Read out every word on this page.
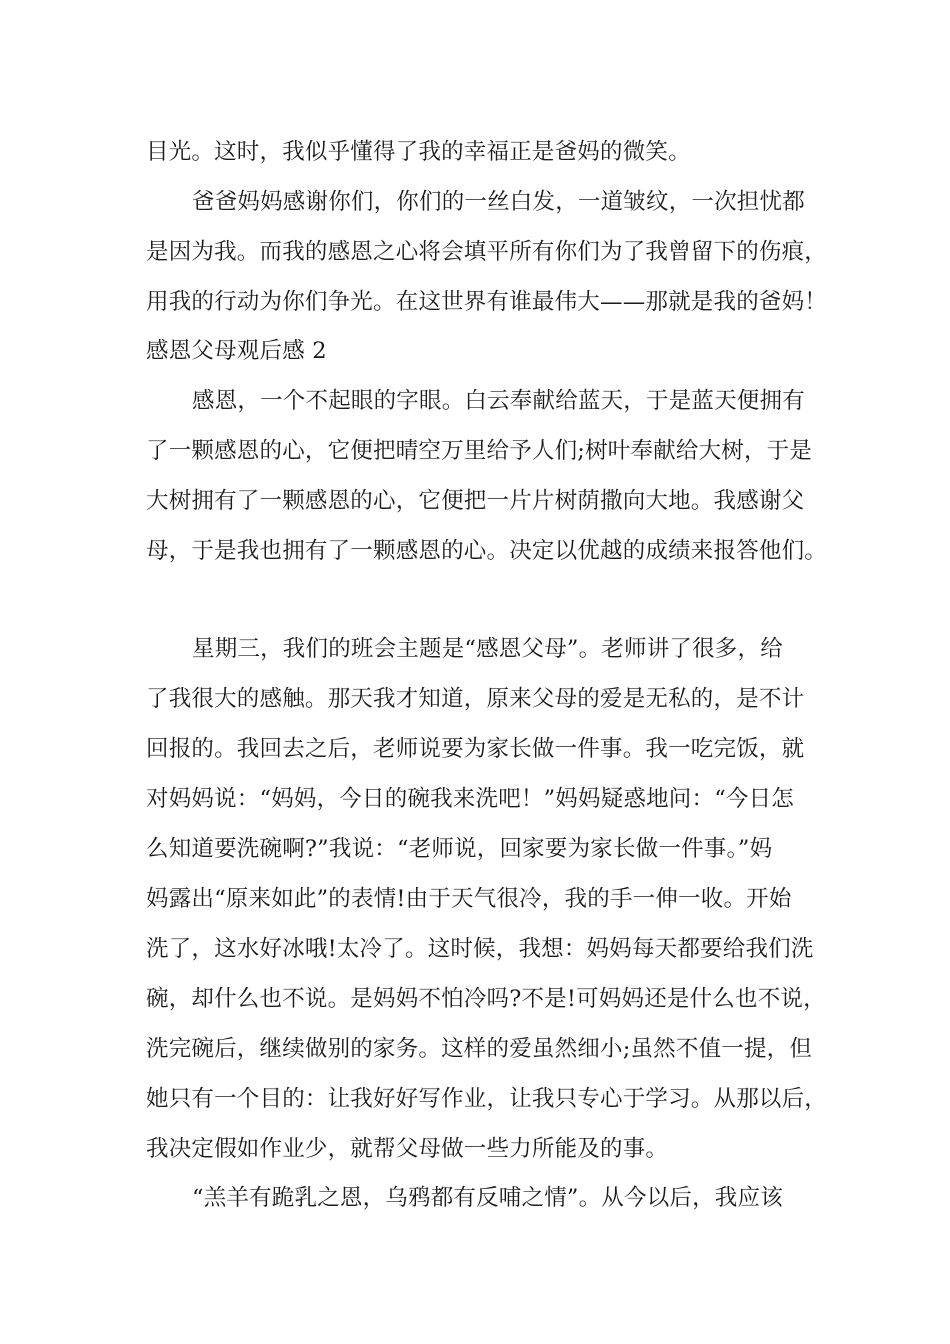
目光。这时，我似乎懂得了我的幸福正是爸妈的微笑。
爸爸妈妈感谢你们，你们的一丝白发，一道皱纹，一次担忧都
是因为我。而我的感恩之心将会填平所有你们为了我曾留下的伤痕，
用我的行动为你们争光。在这世界有谁最伟大——那就是我的爸妈！
感恩父母观后感 2
感恩，一个不起眼的字眼。白云奉献给蓝天，于是蓝天便拥有
了一颗感恩的心，它便把晴空万里给予人们;树叶奉献给大树，于是
大树拥有了一颗感恩的心，它便把一片片树荫撒向大地。我感谢父
母，于是我也拥有了一颗感恩的心。决定以优越的成绩来报答他们。
星期三，我们的班会主题是“感恩父母”。老师讲了很多，给
了我很大的感触。那天我才知道，原来父母的爱是无私的，是不计
回报的。我回去之后，老师说要为家长做一件事。我一吃完饭，就
对妈妈说：“妈妈，今日的碗我来洗吧！”妈妈疑惑地问：“今日怎
么知道要洗碗啊?”我说：“老师说，回家要为家长做一件事。”妈
妈露出“原来如此”的表情!由于天气很冷，我的手一伸一收。开始
洗了，这水好冰哦!太冷了。这时候，我想：妈妈每天都要给我们洗
碗，却什么也不说。是妈妈不怕冷吗?不是!可妈妈还是什么也不说，
洗完碗后，继续做别的家务。这样的爱虽然细小;虽然不值一提，但
她只有一个目的：让我好好写作业，让我只专心于学习。从那以后，
我决定假如作业少，就帮父母做一些力所能及的事。
“羔羊有跪乳之恩，乌鸦都有反哺之情”。从今以后，我应该
